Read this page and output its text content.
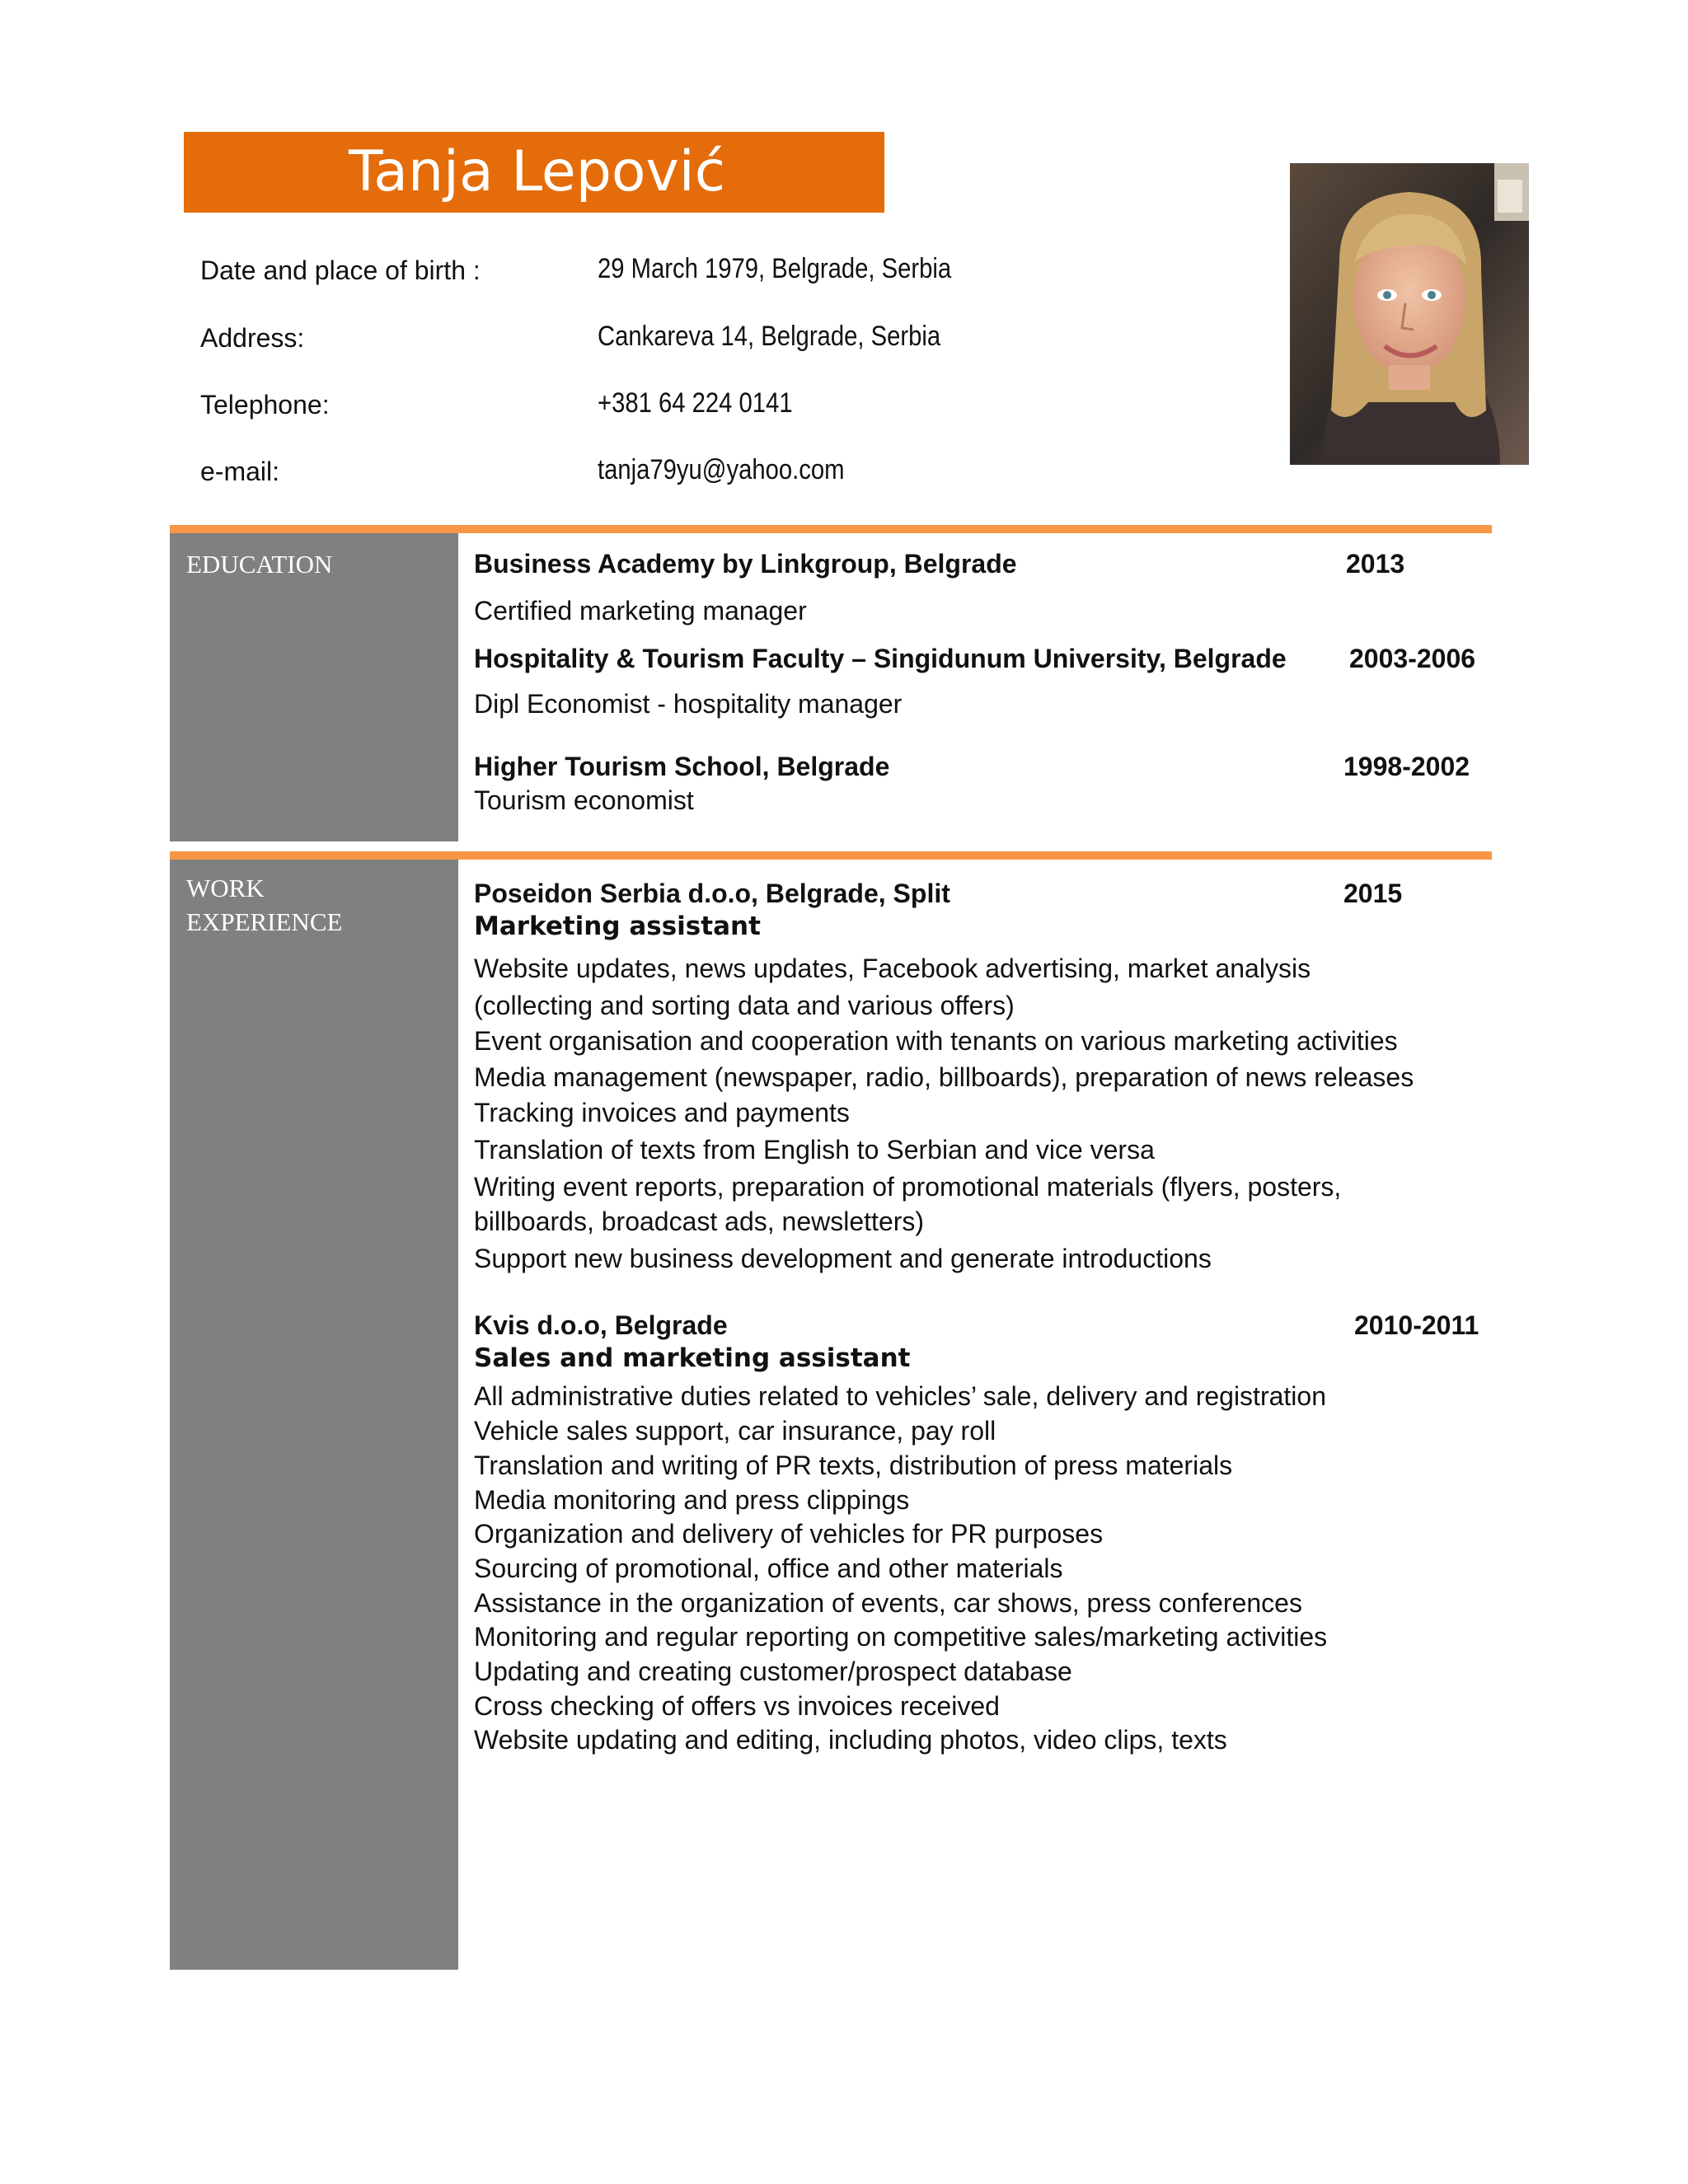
Tanja Lepović
Date and place of birth :	29 March 1979, Belgrade, Serbia
Address:	Cankareva 14, Belgrade, Serbia
Telephone:	+381 64 224 0141
e-mail:	tanja79yu@yahoo.com
EDUCATION	Business Academy by Linkgroup, Belgrade	2013
Certified marketing manager
Hospitality & Tourism Faculty – Singidunum University, Belgrade 2003-2006
Dipl Economist - hospitality manager
Higher Tourism School, Belgrade	1998-2002
Tourism economist
WORK
EXPERIENCE
Poseidon Serbia d.o.o, Belgrade, Split	2015
Marketing assistant
Website updates, news updates, Facebook advertising, market analysis
(collecting and sorting data and various offers)
Event organisation and cooperation with tenants on various marketing activities
Media management (newspaper, radio, billboards), preparation of news releases
Tracking invoices and payments
Translation of texts from English to Serbian and vice versa
Writing event reports, preparation of promotional materials (flyers, posters,
billboards, broadcast ads, newsletters)
Support new business development and generate introductions
Kvis d.o.o, Belgrade	2010-2011
Sales and marketing assistant
All administrative duties related to vehicles’ sale, delivery and registration
Vehicle sales support, car insurance, pay roll
Translation and writing of PR texts, distribution of press materials
Media monitoring and press clippings
Organization and delivery of vehicles for PR purposes
Sourcing of promotional, office and other materials
Assistance in the organization of events, car shows, press conferences
Monitoring and regular reporting on competitive sales/marketing activities
Updating and creating customer/prospect database
Cross checking of offers vs invoices received
Website updating and editing, including photos, video clips, texts
